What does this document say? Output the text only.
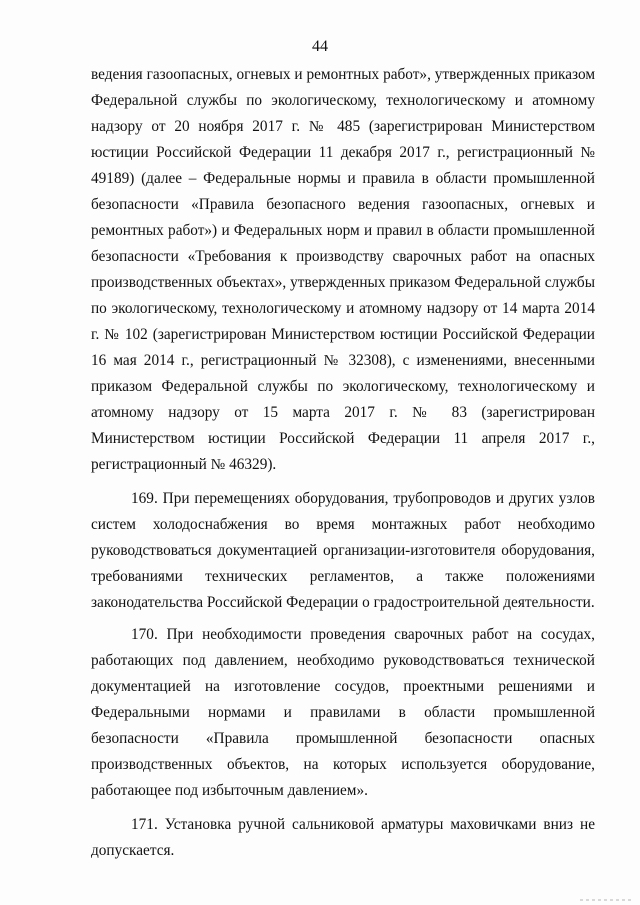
44

ведения газоопасных, огневых и ремонтных работ», утвержденных приказом Федеральной службы по экологическому, технологическому и атомному надзору от 20 ноября 2017 г. № 485 (зарегистрирован Министерством юстиции Российской Федерации 11 декабря 2017 г., регистрационный № 49189) (далее – Федеральные нормы и правила в области промышленной безопасности «Правила безопасного ведения газоопасных, огневых и ремонтных работ») и Федеральных норм и правил в области промышленной безопасности «Требования к производству сварочных работ на опасных производственных объектах», утвержденных приказом Федеральной службы по экологическому, технологическому и атомному надзору от 14 марта 2014 г. № 102 (зарегистрирован Министерством юстиции Российской Федерации 16 мая 2014 г., регистрационный № 32308), с изменениями, внесенными приказом Федеральной службы по экологическому, технологическому и атомному надзору от 15 марта 2017 г. № 83 (зарегистрирован Министерством юстиции Российской Федерации 11 апреля 2017 г., регистрационный № 46329).

169. При перемещениях оборудования, трубопроводов и других узлов систем холодоснабжения во время монтажных работ необходимо руководствоваться документацией организации-изготовителя оборудования, требованиями технических регламентов, а также положениями законодательства Российской Федерации о градостроительной деятельности.

170. При необходимости проведения сварочных работ на сосудах, работающих под давлением, необходимо руководствоваться технической документацией на изготовление сосудов, проектными решениями и Федеральными нормами и правилами в области промышленной безопасности «Правила промышленной безопасности опасных производственных объектов, на которых используется оборудование, работающее под избыточным давлением».

171. Установка ручной сальниковой арматуры маховичками вниз не допускается.
